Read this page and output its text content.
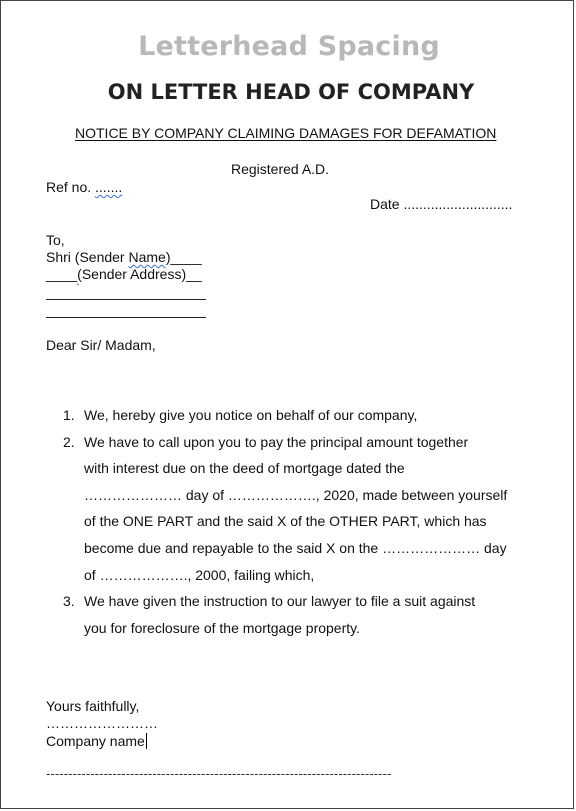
Letterhead Spacing
ON LETTER HEAD OF COMPANY
NOTICE BY COMPANY CLAIMING DAMAGES FOR DEFAMATION
Registered A.D.
Ref no. .......
Date ............................
To,
Shri (Sender Name)____
____(Sender Address)__
Dear Sir/ Madam,
1. We, hereby give you notice on behalf of our company,
2. We have to call upon you to pay the principal amount together
with interest due on the deed of mortgage dated the
………………… day of ………………., 2020, made between yourself
of the ONE PART and the said X of the OTHER PART, which has
become due and repayable to the said X on the ………………… day
of ………………., 2000, failing which,
3. We have given the instruction to our lawyer to file a suit against
you for foreclosure of the mortgage property.
Yours faithfully,
……………………
Company name
------------------------------------------------------------------------------
